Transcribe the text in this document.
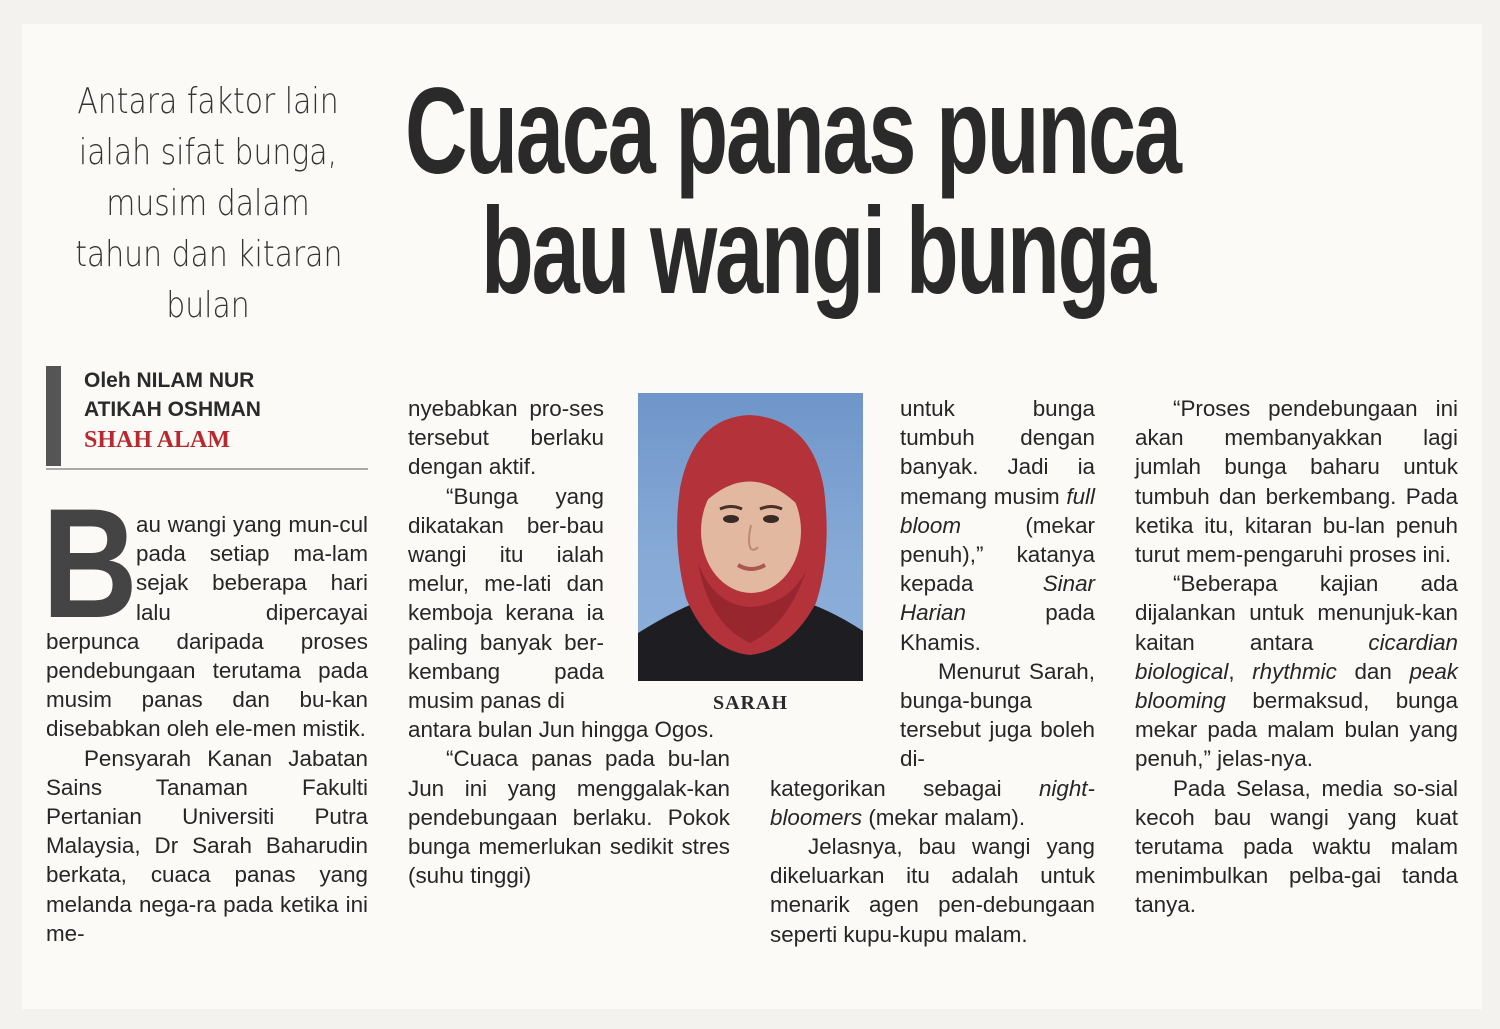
Antara faktor lain
ialah sifat bunga,
musim dalam
tahun dan kitaran
bulan
Cuaca panas punca
bau wangi bunga
Oleh NILAM NUR
ATIKAH OSHMAN
SHAH ALAM
B

au wangi yang mun-cul pada setiap ma-lam sejak beberapa hari lalu dipercayai berpunca daripada proses pendebungaan terutama pada musim panas dan bu-kan disebabkan oleh ele-men mistik.

Pensyarah Kanan Jabatan Sains Tanaman Fakulti Pertanian Universiti Putra Malaysia, Dr Sarah Baharudin berkata, cuaca panas yang melanda nega-ra pada ketika ini me-

nyebabkan pro-ses tersebut berlaku dengan aktif.

“Bunga yang dikatakan ber-bau wangi itu ialah melur, me-lati dan kemboja kerana ia paling banyak ber-kembang pada musim panas di

antara bulan Jun hingga Ogos.

“Cuaca panas pada bu-lan Jun ini yang menggalak-kan pendebungaan berlaku. Pokok bunga memerlukan sedikit stres (suhu tinggi)

SARAH

untuk bunga tumbuh dengan banyak. Jadi ia memang musim full bloom	(mekar penuh),” katanya kepada	Sinar Harian	pada Khamis.

Menurut Sarah, bunga-bunga tersebut juga boleh di-

kategorikan sebagai night-bloomers (mekar malam).

Jelasnya, bau wangi yang dikeluarkan itu adalah untuk menarik agen pen-debungaan seperti kupu-kupu malam.

“Proses pendebungaan ini akan membanyakkan lagi jumlah bunga baharu untuk tumbuh dan berkembang. Pada ketika itu, kitaran bu-lan penuh turut mem-pengaruhi proses ini.

“Beberapa kajian ada dijalankan untuk menunjuk-kan kaitan antara cicardian biological, rhythmic dan peak blooming bermaksud, bunga mekar pada malam bulan yang penuh,” jelas-nya.

Pada Selasa, media so-sial kecoh bau wangi yang kuat terutama pada waktu malam menimbulkan pelba-gai tanda tanya.
